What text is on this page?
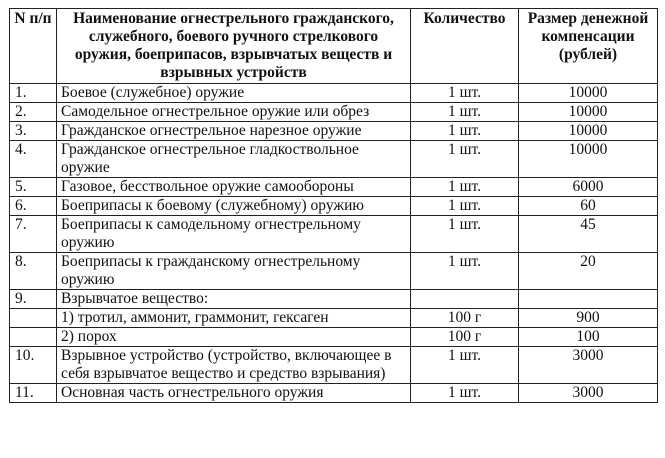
N п/п	Наименование огнестрельного гражданского, служебного, боевого ручного стрелкового оружия, боеприпасов, взрывчатых веществ и взрывных устройств	Количество	Размер денежной компенсации (рублей)
1.	Боевое (служебное) оружие	1 шт.	10000
2.	Самодельное огнестрельное оружие или обрез	1 шт.	10000
3.	Гражданское огнестрельное нарезное оружие	1 шт.	10000
4.	Гражданское огнестрельное гладкоствольное оружие	1 шт.	10000
5.	Газовое, бесствольное оружие самообороны	1 шт.	6000
6.	Боеприпасы к боевому (служебному) оружию	1 шт.	60
7.	Боеприпасы к самодельному огнестрельному оружию	1 шт.	45
8.	Боеприпасы к гражданскому огнестрельному оружию	1 шт.	20
9.	Взрывчатое вещество:		
	1) тротил, аммонит, граммонит, гексаген	100 г	900
	2) порох	100 г	100
10.	Взрывное устройство (устройство, включающее в себя взрывчатое вещество и средство взрывания)	1 шт.	3000
11.	Основная часть огнестрельного оружия	1 шт.	3000
